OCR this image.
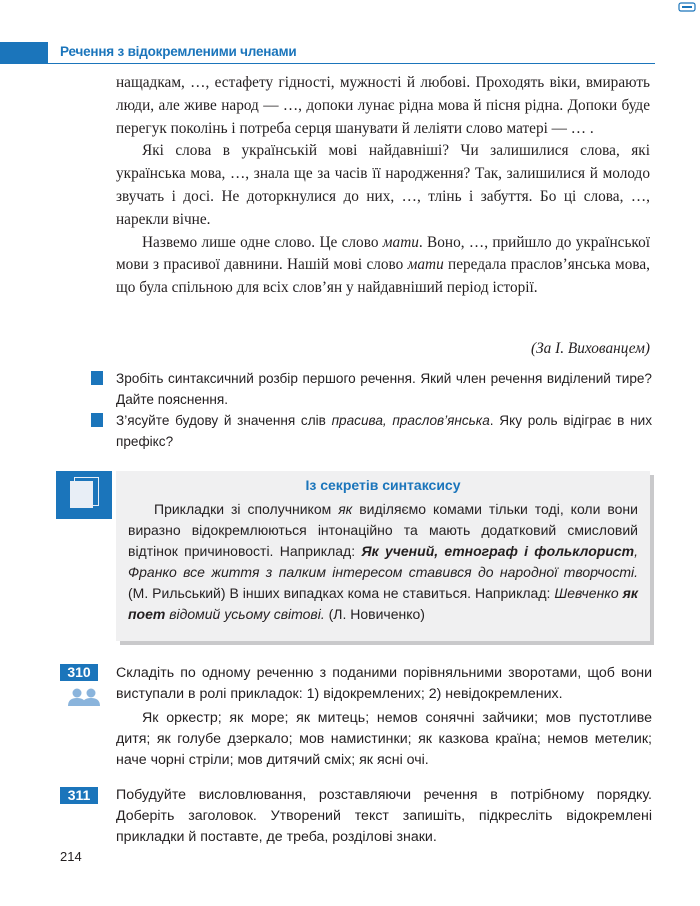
Речення з відокремленими членами

нащадкам, …, естафету гідності, мужності й любові. Проходять віки, вмирають люди, але живе народ — …, допоки лунає рідна мова й пісня рідна. Допоки буде перегук поколінь і потреба серця шанувати й леліяти слово матері — … .

Які слова в українській мові найдавніші? Чи залишилися слова, які українська мова, …, знала ще за часів її народження? Так, залишилися й молодо звучать і досі. Не доторкнулися до них, …, тлінь і забуття. Бо ці слова, …, нарекли вічне.

Назвемо лише одне слово. Це слово мати. Воно, …, прийшло до української мови з прасивої давнини. Нашій мові слово мати передала праслов’янська мова, що була спільною для всіх слов’ян у найдавніший період історії.

(За І. Вихованцем)
Зробіть синтаксичний розбір першого речення. Який член речення виділений тире? Дайте пояснення.
З’ясуйте будову й значення слів прасива, праслов’янська. Яку роль відіграє в них префікс?
Із секретів синтаксису
Прикладки зі сполучником як виділяємо комами тільки тоді, коли вони виразно відокремлюються інтонаційно та мають додатковий смисловий відтінок причиновості. Наприклад: Як учений, етнограф і фольклорист, Франко все життя з палким інтересом ставився до народної творчості. (М. Рильський) В інших випадках кома не ставиться. Наприклад: Шевченко як поет відомий усьому світові. (Л. Новиченко)
310	Складіть по одному реченню з поданими порівняльними зворотами, щоб вони виступали в ролі прикладок: 1) відокремлених; 2) невідокремлених.
Як оркестр; як море; як митець; немов сонячні зайчики; мов пустотливе дитя; як голубе дзеркало; мов намистинки; як казкова країна; немов метелик; наче чорні стріли; мов дитячий сміх; як ясні очі.
311	Побудуйте висловлювання, розставляючи речення в потрібному порядку. Доберіть заголовок. Утворений текст запишіть, підкресліть відокремлені прикладки й поставте, де треба, розділові знаки.
214
